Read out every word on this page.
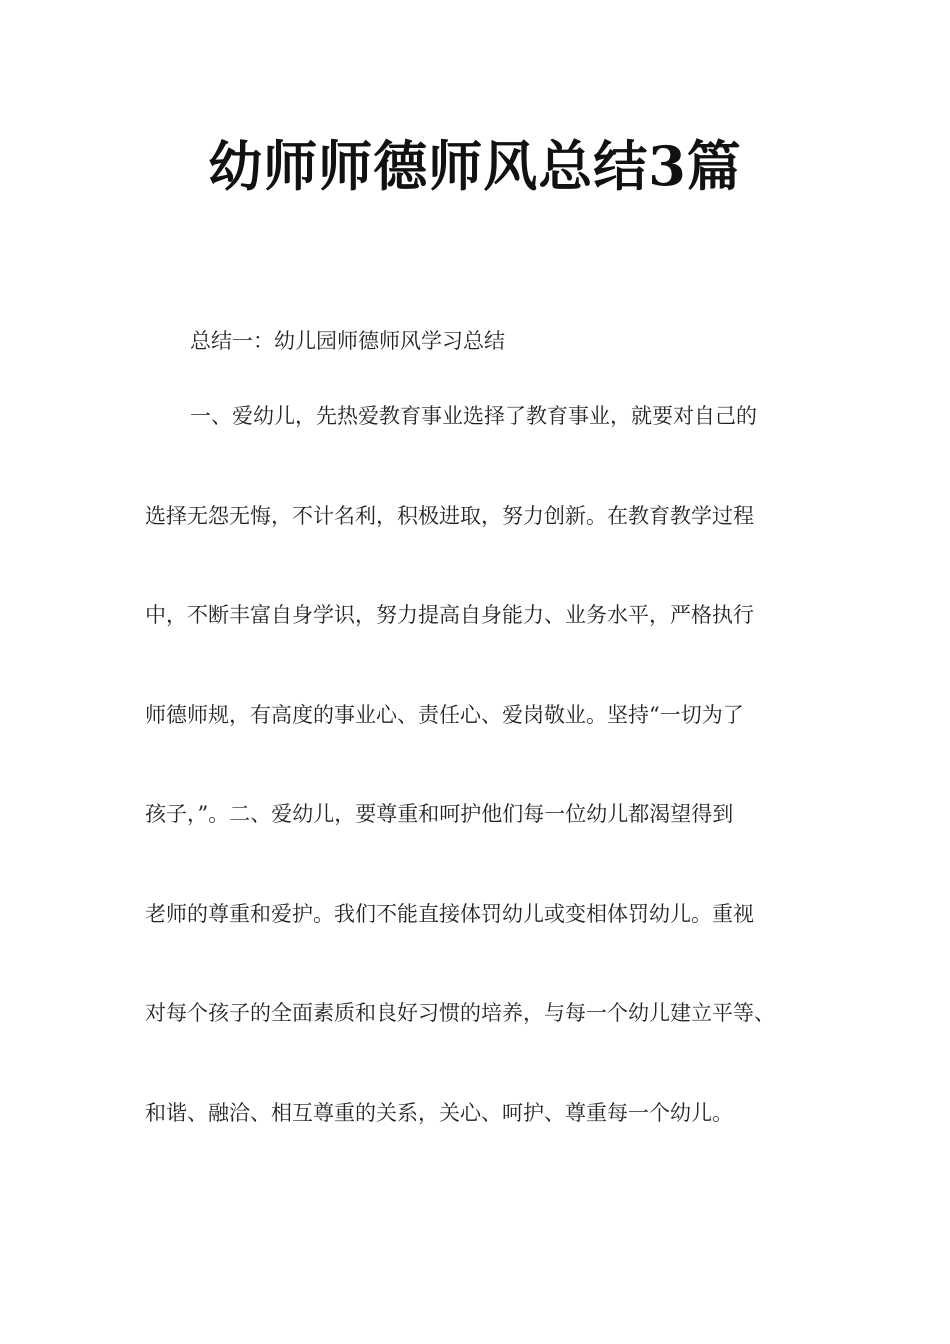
幼师师德师风总结3篇

总结一：幼儿园师德师风学习总结

一、爱幼儿，先热爱教育事业选择了教育事业，就要对自己的

选择无怨无悔，不计名利，积极进取，努力创新。在教育教学过程

中，不断丰富自身学识，努力提高自身能力、业务水平，严格执行

师德师规，有高度的事业心、责任心、爱岗敬业。坚持“一切为了

孩子，”。二、爱幼儿，要尊重和呵护他们每一位幼儿都渴望得到

老师的尊重和爱护。我们不能直接体罚幼儿或变相体罚幼儿。重视

对每个孩子的全面素质和良好习惯的培养，与每一个幼儿建立平等、

和谐、融洽、相互尊重的关系，关心、呵护、尊重每一个幼儿。
